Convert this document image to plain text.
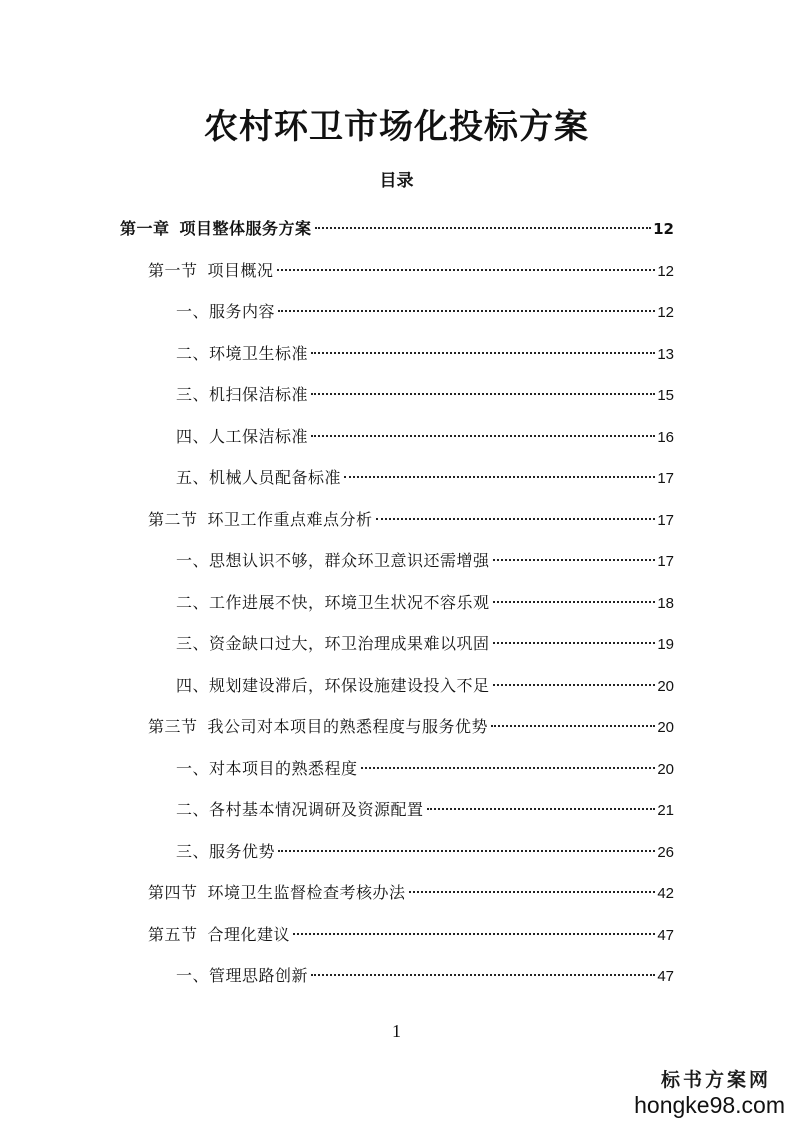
农村环卫市场化投标方案
目录
第一章 项目整体服务方案	12
第一节 项目概况	12
一、服务内容	12
二、环境卫生标准	13
三、机扫保洁标准	15
四、人工保洁标准	16
五、机械人员配备标准	17
第二节 环卫工作重点难点分析	17
一、思想认识不够，群众环卫意识还需增强	17
二、工作进展不快，环境卫生状况不容乐观	18
三、资金缺口过大，环卫治理成果难以巩固	19
四、规划建设滞后，环保设施建设投入不足	20
第三节 我公司对本项目的熟悉程度与服务优势	20
一、对本项目的熟悉程度	20
二、各村基本情况调研及资源配置	21
三、服务优势	26
第四节 环境卫生监督检查考核办法	42
第五节 合理化建议	47
一、管理思路创新	47
1
标书方案网
hongke98.com
